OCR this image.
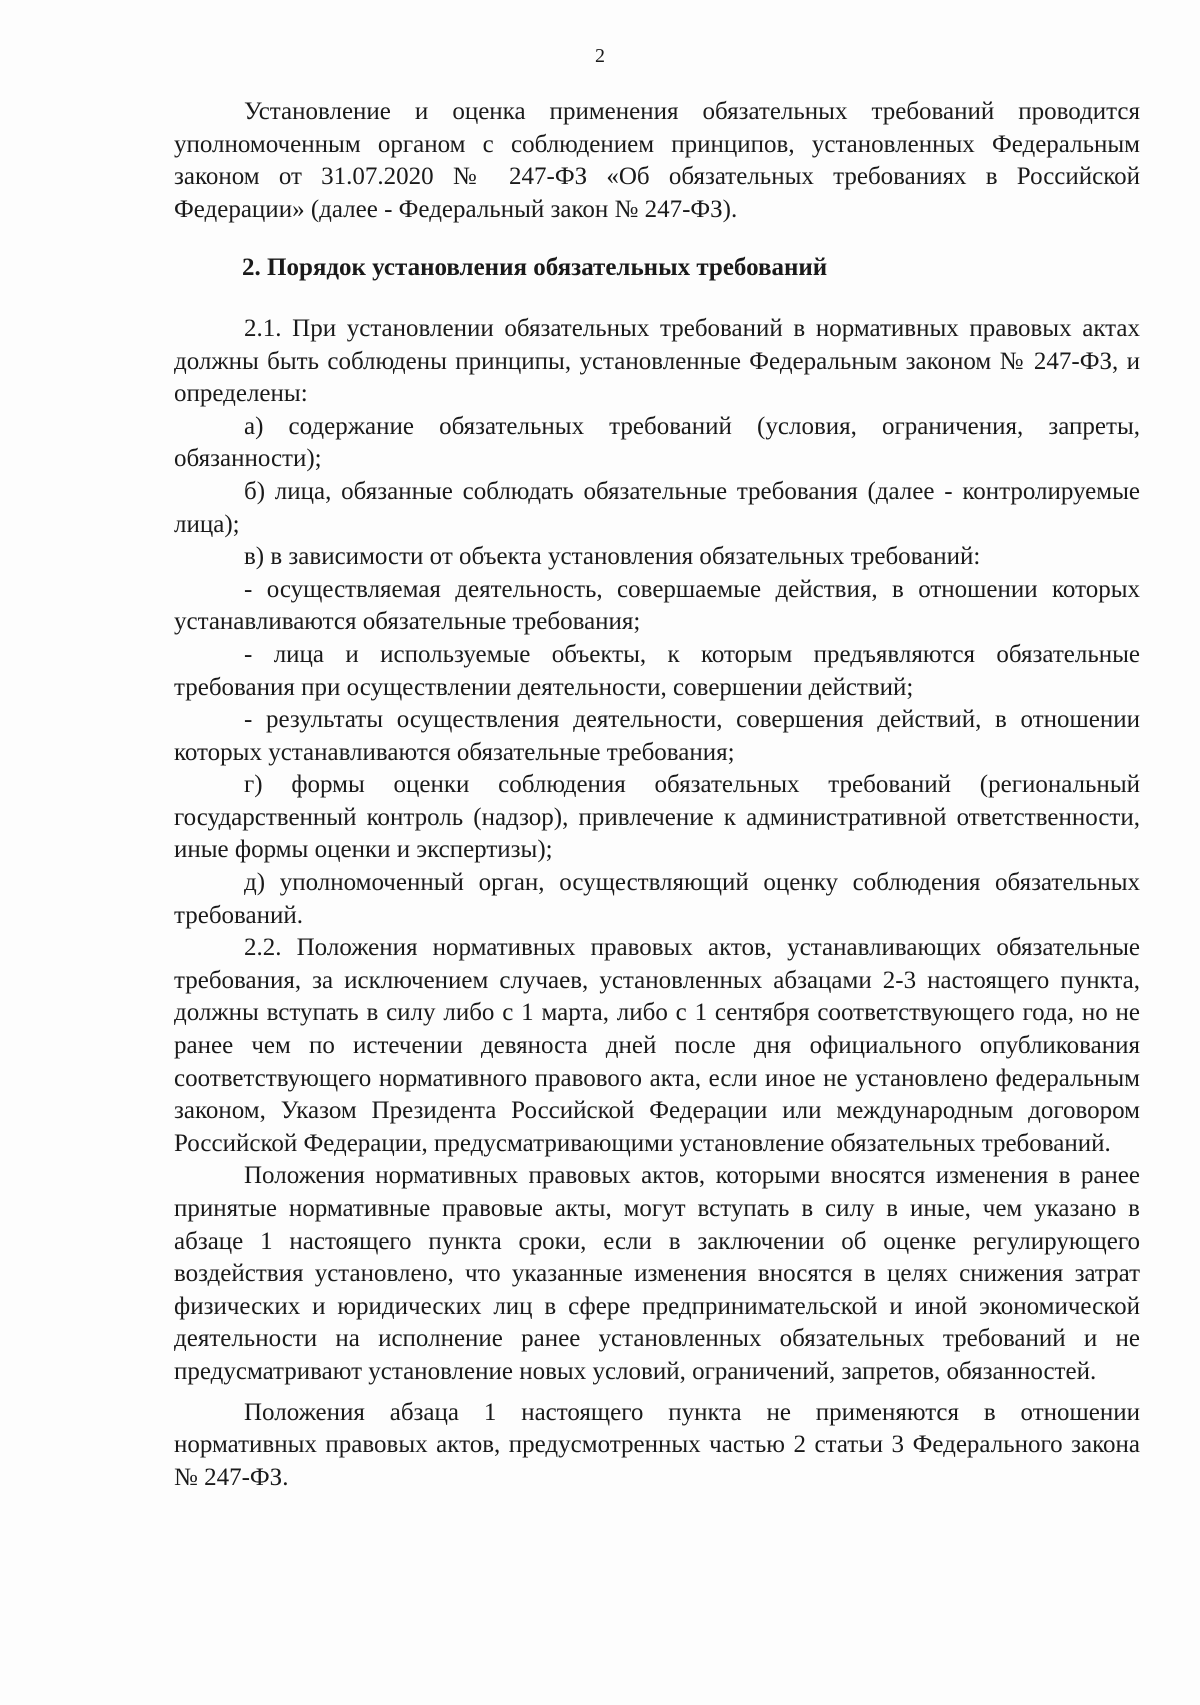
2

Установление и оценка применения обязательных требований проводится уполномоченным органом с соблюдением принципов, установленных Федеральным законом от 31.07.2020 № 247-ФЗ «Об обязательных требованиях в Российской Федерации» (далее - Федеральный закон № 247-ФЗ).

2. Порядок установления обязательных требований

2.1. При установлении обязательных требований в нормативных правовых актах должны быть соблюдены принципы, установленные Федеральным законом № 247-ФЗ, и определены:

а) содержание обязательных требований (условия, ограничения, запреты, обязанности);

б) лица, обязанные соблюдать обязательные требования (далее - контролируемые лица);

в) в зависимости от объекта установления обязательных требований:

- осуществляемая деятельность, совершаемые действия, в отношении которых устанавливаются обязательные требования;

- лица и используемые объекты, к которым предъявляются обязательные требования при осуществлении деятельности, совершении действий;

- результаты осуществления деятельности, совершения действий, в отношении которых устанавливаются обязательные требования;

г) формы оценки соблюдения обязательных требований (региональный государственный контроль (надзор), привлечение к административной ответственности, иные формы оценки и экспертизы);

д) уполномоченный орган, осуществляющий оценку соблюдения обязательных требований.

2.2. Положения нормативных правовых актов, устанавливающих обязательные требования, за исключением случаев, установленных абзацами 2-3 настоящего пункта, должны вступать в силу либо с 1 марта, либо с 1 сентября соответствующего года, но не ранее чем по истечении девяноста дней после дня официального опубликования соответствующего нормативного правового акта, если иное не установлено федеральным законом, Указом Президента Российской Федерации или международным договором Российской Федерации, предусматривающими установление обязательных требований.

Положения нормативных правовых актов, которыми вносятся изменения в ранее принятые нормативные правовые акты, могут вступать в силу в иные, чем указано в абзаце 1 настоящего пункта сроки, если в заключении об оценке регулирующего воздействия установлено, что указанные изменения вносятся в целях снижения затрат физических и юридических лиц в сфере предпринимательской и иной экономической деятельности на исполнение ранее установленных обязательных требований и не предусматривают установление новых условий, ограничений, запретов, обязанностей.

Положения абзаца 1 настоящего пункта не применяются в отношении нормативных правовых актов, предусмотренных частью 2 статьи 3 Федерального закона № 247-ФЗ.
